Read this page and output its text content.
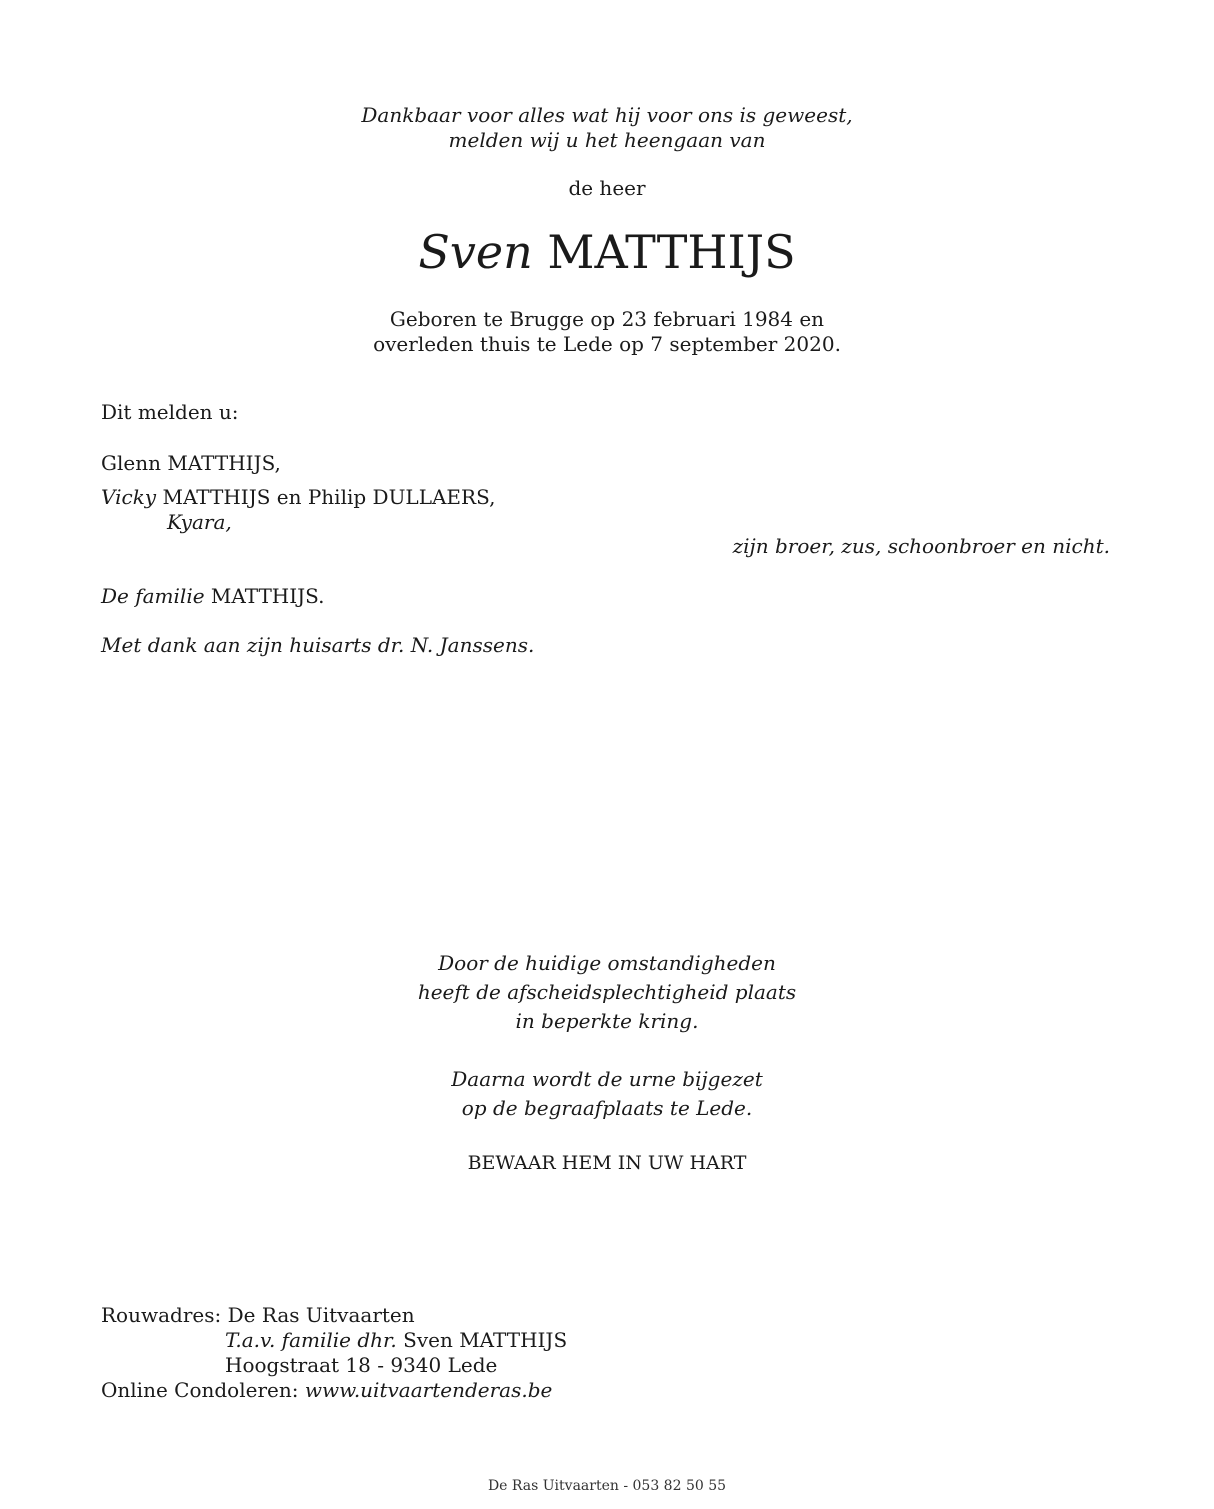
Dankbaar voor alles wat hij voor ons is geweest,
melden wij u het heengaan van
de heer
Sven MATTHIJS
Geboren te Brugge op 23 februari 1984 en
overleden thuis te Lede op 7 september 2020.
Dit melden u:
Glenn MATTHIJS,
Vicky MATTHIJS en Philip DULLAERS,
Kyara,
zijn broer, zus, schoonbroer en nicht.
De familie MATTHIJS.
Met dank aan zijn huisarts dr. N. Janssens.
Door de huidige omstandigheden
heeft de afscheidsplechtigheid plaats
in beperkte kring.
Daarna wordt de urne bijgezet
op de begraafplaats te Lede.
BEWAAR HEM IN UW HART
Rouwadres: De Ras Uitvaarten
T.a.v. familie dhr. Sven MATTHIJS
Hoogstraat 18 - 9340 Lede
Online Condoleren: www.uitvaartenderas.be
De Ras Uitvaarten - 053 82 50 55
